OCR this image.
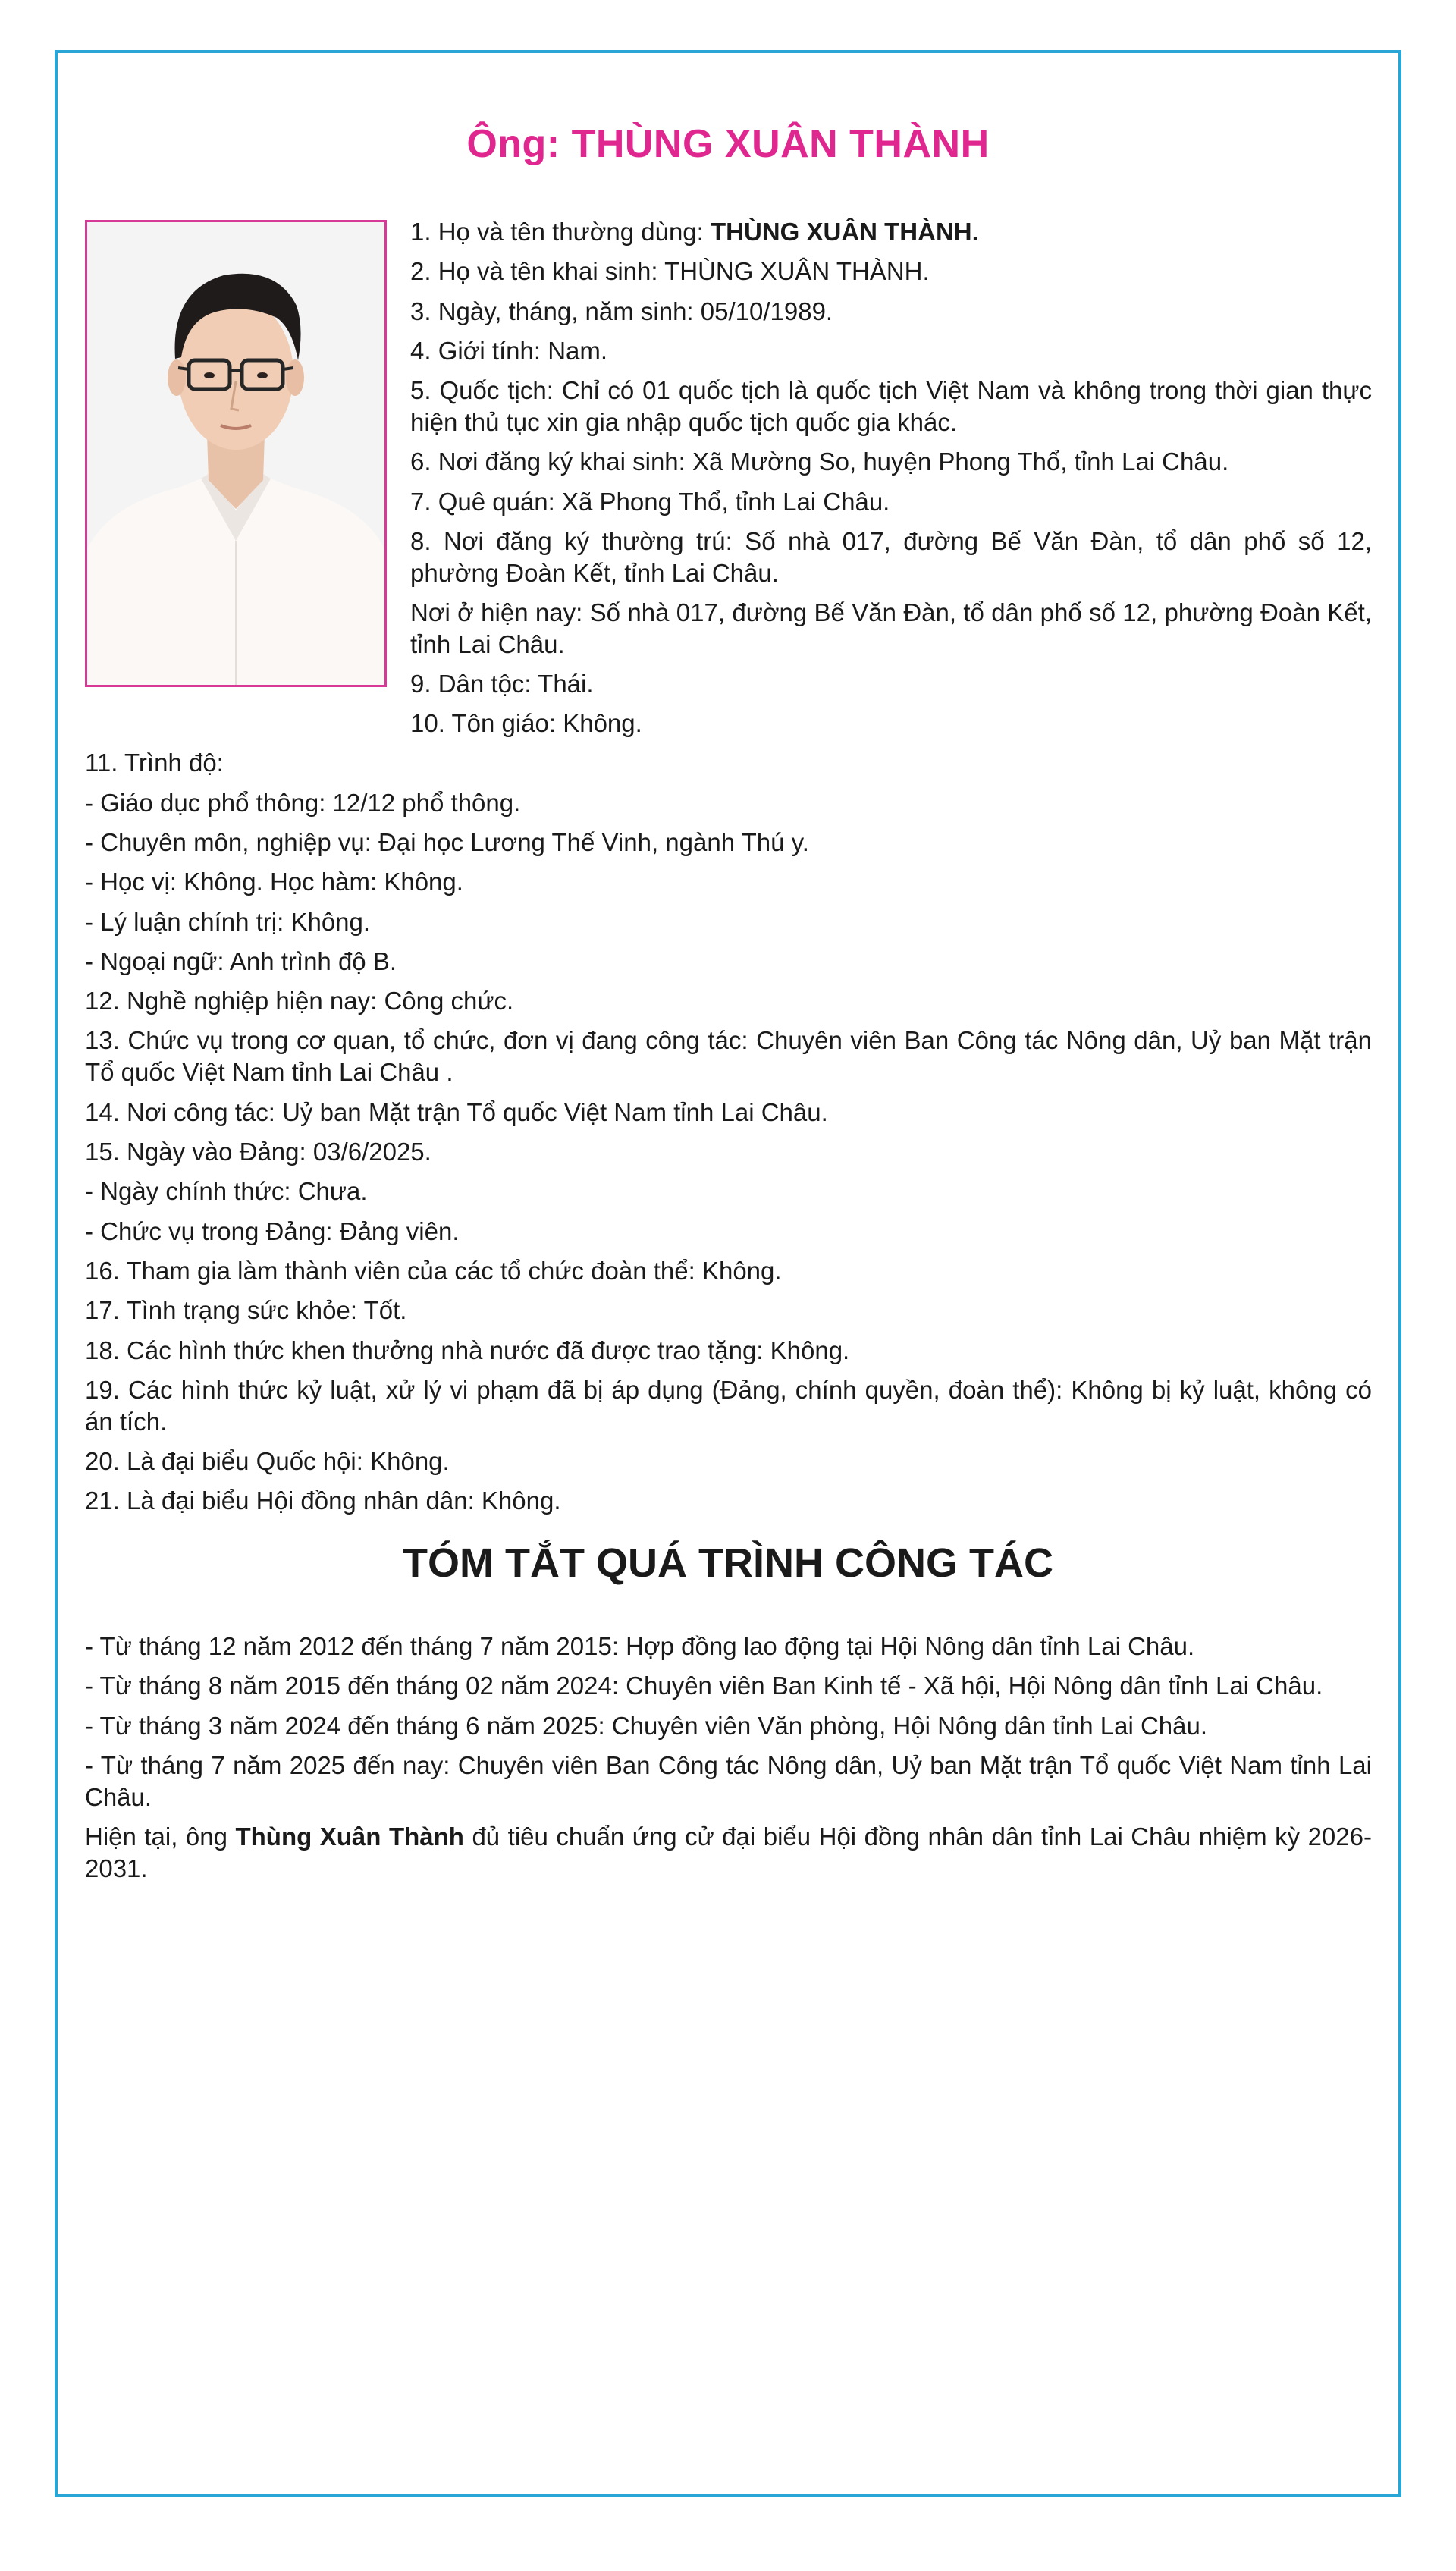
Ông: THÙNG XUÂN THÀNH
1. Họ và tên thường dùng: THÙNG XUÂN THÀNH.
2. Họ và tên khai sinh: THÙNG XUÂN THÀNH.
3. Ngày, tháng, năm sinh: 05/10/1989.
4. Giới tính: Nam.
5. Quốc tịch: Chỉ có 01 quốc tịch là quốc tịch Việt Nam và không trong thời gian thực hiện thủ tục xin gia nhập quốc tịch quốc gia khác.
6. Nơi đăng ký khai sinh: Xã Mường So, huyện Phong Thổ, tỉnh Lai Châu.
7. Quê quán: Xã Phong Thổ, tỉnh Lai Châu.
8. Nơi đăng ký thường trú: Số nhà 017, đường Bế Văn Đàn, tổ dân phố số 12, phường Đoàn Kết, tỉnh Lai Châu.
Nơi ở hiện nay: Số nhà 017, đường Bế Văn Đàn, tổ dân phố số 12, phường Đoàn Kết, tỉnh Lai Châu.
9. Dân tộc: Thái.
10. Tôn giáo: Không.
11. Trình độ:
- Giáo dục phổ thông: 12/12 phổ thông.
- Chuyên môn, nghiệp vụ: Đại học Lương Thế Vinh, ngành Thú y.
- Học vị: Không. Học hàm: Không.
- Lý luận chính trị: Không.
- Ngoại ngữ: Anh trình độ B.
12. Nghề nghiệp hiện nay: Công chức.
13. Chức vụ trong cơ quan, tổ chức, đơn vị đang công tác: Chuyên viên Ban Công tác Nông dân, Uỷ ban Mặt trận Tổ quốc Việt Nam tỉnh Lai Châu .
14. Nơi công tác: Uỷ ban Mặt trận Tổ quốc Việt Nam tỉnh Lai Châu.
15. Ngày vào Đảng: 03/6/2025.
- Ngày chính thức: Chưa.
- Chức vụ trong Đảng: Đảng viên.
16. Tham gia làm thành viên của các tổ chức đoàn thể: Không.
17. Tình trạng sức khỏe: Tốt.
18. Các hình thức khen thưởng nhà nước đã được trao tặng: Không.
19. Các hình thức kỷ luật, xử lý vi phạm đã bị áp dụng (Đảng, chính quyền, đoàn thể): Không bị kỷ luật, không có án tích.
20. Là đại biểu Quốc hội: Không.
21. Là đại biểu Hội đồng nhân dân: Không.
TÓM TẮT QUÁ TRÌNH CÔNG TÁC
- Từ tháng 12 năm 2012 đến tháng 7 năm 2015: Hợp đồng lao động tại Hội Nông dân tỉnh Lai Châu.
- Từ tháng 8 năm 2015 đến tháng 02 năm 2024: Chuyên viên Ban Kinh tế - Xã hội, Hội Nông dân tỉnh Lai Châu.
- Từ tháng 3 năm 2024 đến tháng 6 năm 2025: Chuyên viên Văn phòng, Hội Nông dân tỉnh Lai Châu.
- Từ tháng 7 năm 2025 đến nay: Chuyên viên Ban Công tác Nông dân, Uỷ ban Mặt trận Tổ quốc Việt Nam tỉnh Lai Châu.
Hiện tại, ông Thùng Xuân Thành đủ tiêu chuẩn ứng cử đại biểu Hội đồng nhân dân tỉnh Lai Châu nhiệm kỳ 2026-2031.
